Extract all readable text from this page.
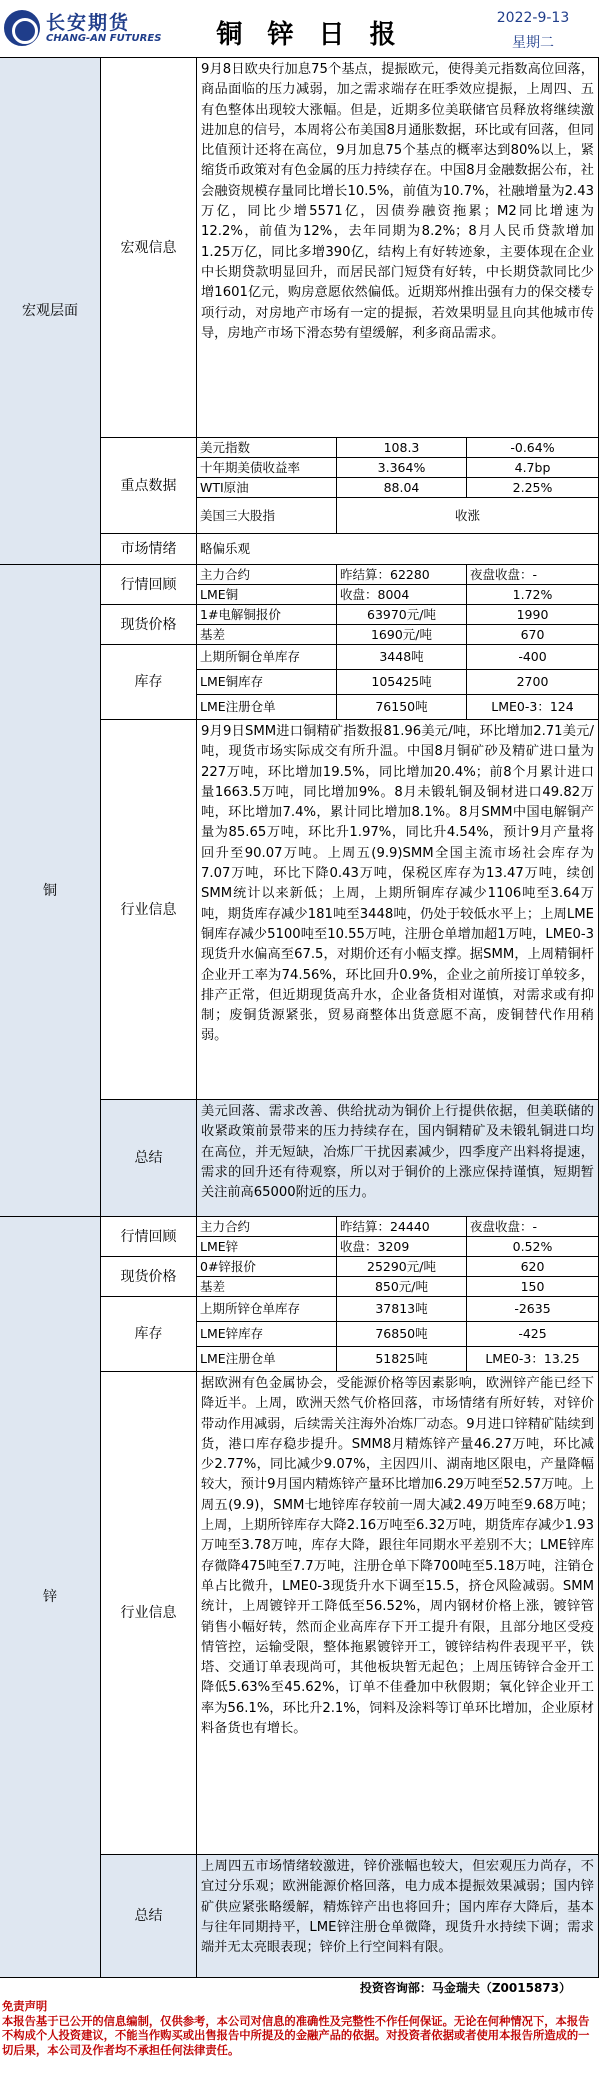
长安期货
CHANG-AN FUTURES	铜 锌 日 报
2022-9-13
星期二
宏观层面
宏观信息
9月8日欧央行加息75个基点，提振欧元，使得美元指数高位回落，商品面临的压力减弱，加之需求端存在旺季效应提振，上周四、五有色整体出现较大涨幅。但是，近期多位美联储官员释放将继续激进加息的信号，本周将公布美国8月通胀数据，环比或有回落，但同比值预计还将在高位，9月加息75个基点的概率达到80%以上，紧缩货币政策对有色金属的压力持续存在。中国8月金融数据公布，社会融资规模存量同比增长10.5%，前值为10.7%，社融增量为2.43万亿，同比少增5571亿，因债券融资拖累；M2同比增速为12.2%，前值为12%，去年同期为8.2%；8月人民币贷款增加1.25万亿，同比多增390亿，结构上有好转迹象，主要体现在企业中长期贷款明显回升，而居民部门短贷有好转，中长期贷款同比少增1601亿元，购房意愿依然偏低。近期郑州推出强有力的保交楼专项行动，对房地产市场有一定的提振，若效果明显且向其他城市传导，房地产市场下滑态势有望缓解，利多商品需求。
重点数据
美元指数	108.3	-0.64%
十年期美债收益率	3.364%	4.7bp
WTI原油	88.04	2.25%
美国三大股指	收涨
市场情绪	略偏乐观
铜
行情回顾
主力合约	昨结算：62280	夜盘收盘：-
LME铜	收盘：8004	1.72%
现货价格
1#电解铜报价	63970元/吨	1990
基差	1690元/吨	670
库存
上期所铜仓单库存	3448吨	-400
LME铜库存	105425吨	2700
LME注册仓单	76150吨	LME0-3：124
行业信息
9月9日SMM进口铜精矿指数报81.96美元/吨，环比增加2.71美元/吨，现货市场实际成交有所升温。中国8月铜矿砂及精矿进口量为227万吨，环比增加19.5%，同比增加20.4%；前8个月累计进口量1663.5万吨，同比增加9%。8月未锻轧铜及铜材进口49.82万吨，环比增加7.4%，累计同比增加8.1%。8月SMM中国电解铜产量为85.65万吨，环比升1.97%，同比升4.54%，预计9月产量将回升至90.07万吨。上周五(9.9)SMM全国主流市场社会库存为7.07万吨，环比下降0.43万吨，保税区库存为13.47万吨，续创SMM统计以来新低；上周，上期所铜库存减少1106吨至3.64万吨，期货库存减少181吨至3448吨，仍处于较低水平上；上周LME铜库存减少5100吨至10.55万吨，注册仓单增加超1万吨，LME0-3现货升水偏高至67.5，对期价还有小幅支撑。据SMM，上周精铜杆企业开工率为74.56%，环比回升0.9%，企业之前所接订单较多，排产正常，但近期现货高升水，企业备货相对谨慎，对需求或有抑制；废铜货源紧张，贸易商整体出货意愿不高，废铜替代作用稍弱。
总结
美元回落、需求改善、供给扰动为铜价上行提供依据，但美联储的收紧政策前景带来的压力持续存在，国内铜精矿及未锻轧铜进口均在高位，并无短缺，冶炼厂干扰因素减少，四季度产出料将提速，需求的回升还有待观察，所以对于铜价的上涨应保持谨慎，短期暂关注前高65000附近的压力。
锌
行情回顾
主力合约	昨结算：24440	夜盘收盘：-
LME锌	收盘：3209	0.52%
现货价格
0#锌报价	25290元/吨	620
基差	850元/吨	150
库存
上期所锌仓单库存	37813吨	-2635
LME锌库存	76850吨	-425
LME注册仓单	51825吨	LME0-3：13.25
行业信息
据欧洲有色金属协会，受能源价格等因素影响，欧洲锌产能已经下降近半。上周，欧洲天然气价格回落，市场情绪有所好转，对锌价带动作用减弱，后续需关注海外冶炼厂动态。9月进口锌精矿陆续到货，港口库存稳步提升。SMM8月精炼锌产量46.27万吨，环比减少2.77%，同比减少9.07%，主因四川、湖南地区限电，产量降幅较大，预计9月国内精炼锌产量环比增加6.29万吨至52.57万吨。上周五(9.9)，SMM七地锌库存较前一周大减2.49万吨至9.68万吨；上周，上期所锌库存大降2.16万吨至6.32万吨，期货库存减少1.93万吨至3.78万吨，库存大降，跟往年同期水平差别不大；LME锌库存微降475吨至7.7万吨，注册仓单下降700吨至5.18万吨，注销仓单占比微升，LME0-3现货升水下调至15.5，挤仓风险减弱。SMM统计，上周镀锌开工降低至56.52%，周内钢材价格上涨，镀锌管销售小幅好转，然而企业高库存下开工提升有限，且部分地区受疫情管控，运输受限，整体拖累镀锌开工，镀锌结构件表现平平，铁塔、交通订单表现尚可，其他板块暂无起色；上周压铸锌合金开工降低5.63%至45.62%，订单不佳叠加中秋假期；氧化锌企业开工率为56.1%，环比升2.1%，饲料及涂料等订单环比增加，企业原材料备货也有增长。
总结
上周四五市场情绪较激进，锌价涨幅也较大，但宏观压力尚存，不宜过分乐观；欧洲能源价格回落，电力成本提振效果减弱；国内锌矿供应紧张略缓解，精炼锌产出也将回升；国内库存大降后，基本与往年同期持平，LME锌注册仓单微降，现货升水持续下调；需求端并无太亮眼表现；锌价上行空间料有限。
投资咨询部：马金瑞夫（Z0015873）
免责声明
本报告基于已公开的信息编制，仅供参考，本公司对信息的准确性及完整性不作任何保证。无论在何种情况下，本报告不构成个人投资建议，不能当作购买或出售报告中所提及的金融产品的依据。对投资者依据或者使用本报告所造成的一切后果，本公司及作者均不承担任何法律责任。
